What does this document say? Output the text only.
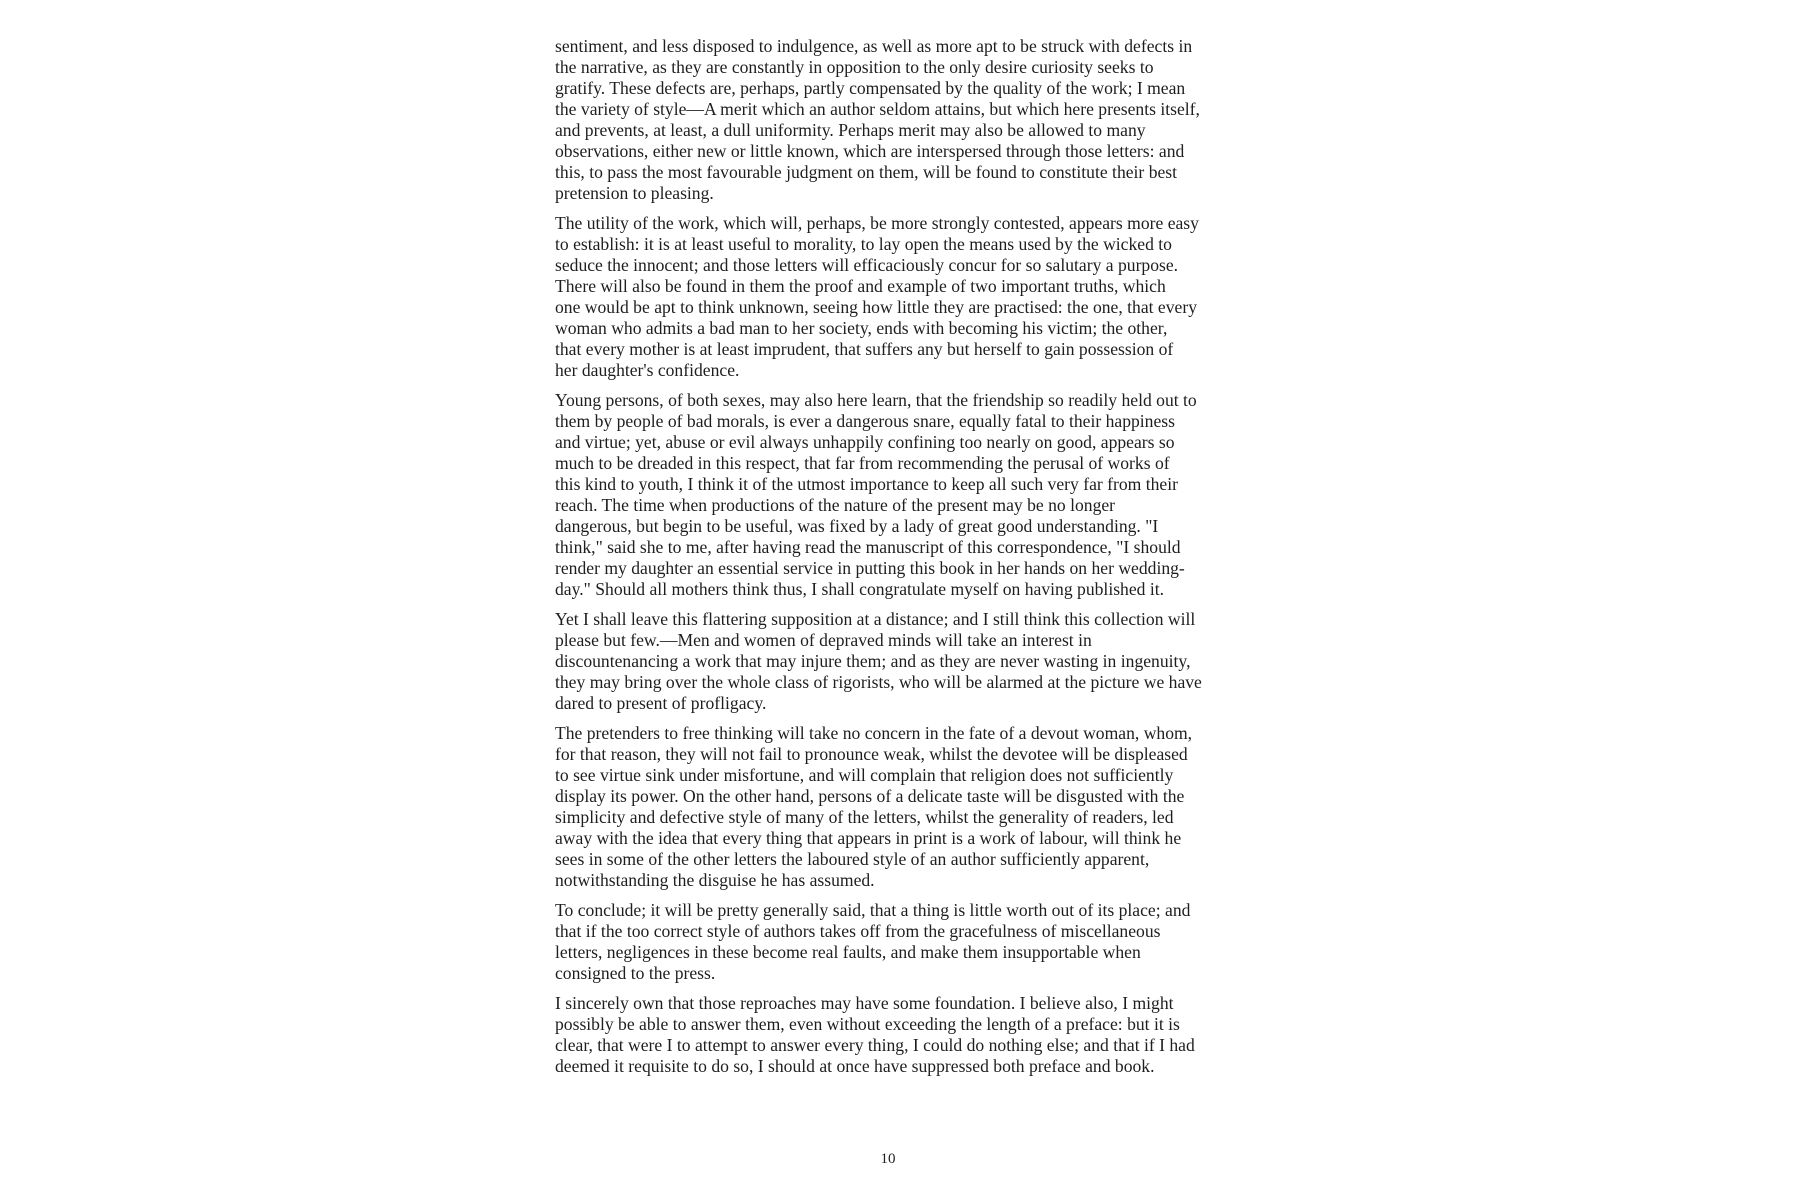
sentiment, and less disposed to indulgence, as well as more apt to be struck with defects in
the narrative, as they are constantly in opposition to the only desire curiosity seeks to
gratify. These defects are, perhaps, partly compensated by the quality of the work; I mean
the variety of style—A merit which an author seldom attains, but which here presents itself,
and prevents, at least, a dull uniformity. Perhaps merit may also be allowed to many
observations, either new or little known, which are interspersed through those letters: and
this, to pass the most favourable judgment on them, will be found to constitute their best
pretension to pleasing.

The utility of the work, which will, perhaps, be more strongly contested, appears more easy
to establish: it is at least useful to morality, to lay open the means used by the wicked to
seduce the innocent; and those letters will efficaciously concur for so salutary a purpose.
There will also be found in them the proof and example of two important truths, which
one would be apt to think unknown, seeing how little they are practised: the one, that every
woman who admits a bad man to her society, ends with becoming his victim; the other,
that every mother is at least imprudent, that suffers any but herself to gain possession of
her daughter's confidence.

Young persons, of both sexes, may also here learn, that the friendship so readily held out to
them by people of bad morals, is ever a dangerous snare, equally fatal to their happiness
and virtue; yet, abuse or evil always unhappily confining too nearly on good, appears so
much to be dreaded in this respect, that far from recommending the perusal of works of
this kind to youth, I think it of the utmost importance to keep all such very far from their
reach. The time when productions of the nature of the present may be no longer
dangerous, but begin to be useful, was fixed by a lady of great good understanding. "I
think," said she to me, after having read the manuscript of this correspondence, "I should
render my daughter an essential service in putting this book in her hands on her wedding-
day." Should all mothers think thus, I shall congratulate myself on having published it.

Yet I shall leave this flattering supposition at a distance; and I still think this collection will
please but few.—Men and women of depraved minds will take an interest in
discountenancing a work that may injure them; and as they are never wasting in ingenuity,
they may bring over the whole class of rigorists, who will be alarmed at the picture we have
dared to present of profligacy.

The pretenders to free thinking will take no concern in the fate of a devout woman, whom,
for that reason, they will not fail to pronounce weak, whilst the devotee will be displeased
to see virtue sink under misfortune, and will complain that religion does not sufficiently
display its power. On the other hand, persons of a delicate taste will be disgusted with the
simplicity and defective style of many of the letters, whilst the generality of readers, led
away with the idea that every thing that appears in print is a work of labour, will think he
sees in some of the other letters the laboured style of an author sufficiently apparent,
notwithstanding the disguise he has assumed.

To conclude; it will be pretty generally said, that a thing is little worth out of its place; and
that if the too correct style of authors takes off from the gracefulness of miscellaneous
letters, negligences in these become real faults, and make them insupportable when
consigned to the press.

I sincerely own that those reproaches may have some foundation. I believe also, I might
possibly be able to answer them, even without exceeding the length of a preface: but it is
clear, that were I to attempt to answer every thing, I could do nothing else; and that if I had
deemed it requisite to do so, I should at once have suppressed both preface and book.

10
